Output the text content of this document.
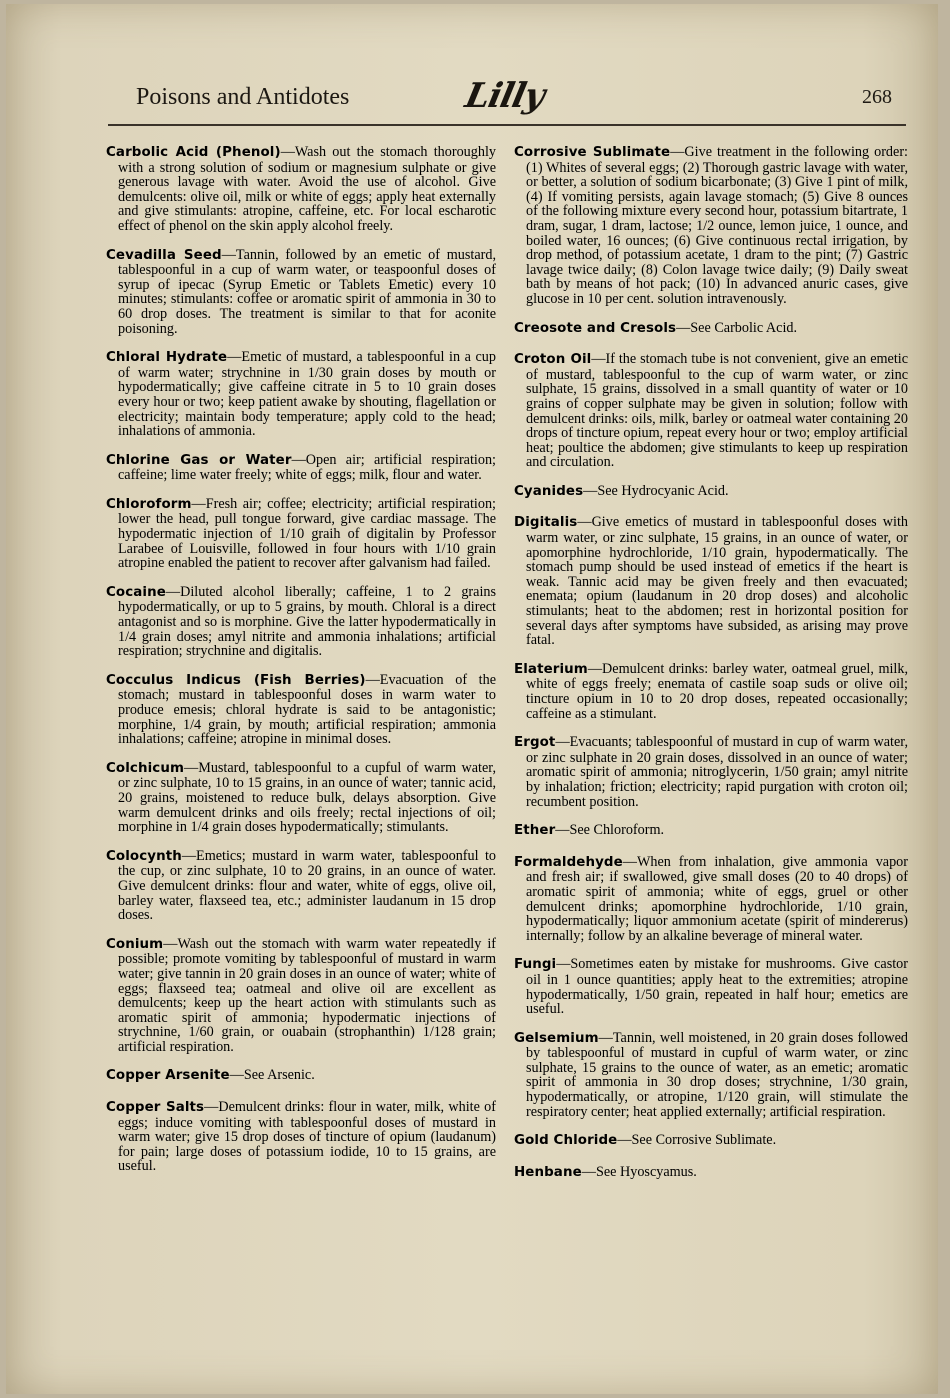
Poisons and Antidotes	Lilly	268

Carbolic Acid (Phenol)—Wash out the stomach thoroughly with a strong solution of sodium or magnesium sulphate or give generous lavage with water. Avoid the use of alcohol. Give demulcents: olive oil, milk or white of eggs; apply heat externally and give stimulants: atropine, caffeine, etc. For local escharotic effect of phenol on the skin apply alcohol freely.

Cevadilla Seed—Tannin, followed by an emetic of mustard, tablespoonful in a cup of warm water, or teaspoonful doses of syrup of ipecac (Syrup Emetic or Tablets Emetic) every 10 minutes; stimulants: coffee or aromatic spirit of ammonia in 30 to 60 drop doses. The treatment is similar to that for aconite poisoning.

Chloral Hydrate—Emetic of mustard, a tablespoonful in a cup of warm water; strychnine in 1/30 grain doses by mouth or hypodermatically; give caffeine citrate in 5 to 10 grain doses every hour or two; keep patient awake by shouting, flagellation or electricity; maintain body temperature; apply cold to the head; inhalations of ammonia.

Chlorine Gas or Water—Open air; artificial respiration; caffeine; lime water freely; white of eggs; milk, flour and water.

Chloroform—Fresh air; coffee; electricity; artificial respiration; lower the head, pull tongue forward, give cardiac massage. The hypodermatic injection of 1/10 graih of digitalin by Professor Larabee of Louisville, followed in four hours with 1/10 grain atropine enabled the patient to recover after galvanism had failed.

Cocaine—Diluted alcohol liberally; caffeine, 1 to 2 grains hypodermatically, or up to 5 grains, by mouth. Chloral is a direct antagonist and so is morphine. Give the latter hypodermatically in 1/4 grain doses; amyl nitrite and ammonia inhalations; artificial respiration; strychnine and digitalis.

Cocculus Indicus (Fish Berries)—Evacuation of the stomach; mustard in tablespoonful doses in warm water to produce emesis; chloral hydrate is said to be antagonistic; morphine, 1/4 grain, by mouth; artificial respiration; ammonia inhalations; caffeine; atropine in minimal doses.

Colchicum—Mustard, tablespoonful to a cupful of warm water, or zinc sulphate, 10 to 15 grains, in an ounce of water; tannic acid, 20 grains, moistened to reduce bulk, delays absorption. Give warm demulcent drinks and oils freely; rectal injections of oil; morphine in 1/4 grain doses hypodermatically; stimulants.

Colocynth—Emetics; mustard in warm water, tablespoonful to the cup, or zinc sulphate, 10 to 20 grains, in an ounce of water. Give demulcent drinks: flour and water, white of eggs, olive oil, barley water, flaxseed tea, etc.; administer laudanum in 15 drop doses.

Conium—Wash out the stomach with warm water repeatedly if possible; promote vomiting by tablespoonful of mustard in warm water; give tannin in 20 grain doses in an ounce of water; white of eggs; flaxseed tea; oatmeal and olive oil are excellent as demulcents; keep up the heart action with stimulants such as aromatic spirit of ammonia; hypodermatic injections of strychnine, 1/60 grain, or ouabain (strophanthin) 1/128 grain; artificial respiration.

Copper Arsenite—See Arsenic.

Copper Salts—Demulcent drinks: flour in water, milk, white of eggs; induce vomiting with tablespoonful doses of mustard in warm water; give 15 drop doses of tincture of opium (laudanum) for pain; large doses of potassium iodide, 10 to 15 grains, are useful.

Corrosive Sublimate—Give treatment in the following order: (1) Whites of several eggs; (2) Thorough gastric lavage with water, or better, a solution of sodium bicarbonate; (3) Give 1 pint of milk, (4) If vomiting persists, again lavage stomach; (5) Give 8 ounces of the following mixture every second hour, potassium bitartrate, 1 dram, sugar, 1 dram, lactose; 1/2 ounce, lemon juice, 1 ounce, and boiled water, 16 ounces; (6) Give continuous rectal irrigation, by drop method, of potassium acetate, 1 dram to the pint; (7) Gastric lavage twice daily; (8) Colon lavage twice daily; (9) Daily sweat bath by means of hot pack; (10) In advanced anuric cases, give glucose in 10 per cent. solution intravenously.

Creosote and Cresols—See Carbolic Acid.

Croton Oil—If the stomach tube is not convenient, give an emetic of mustard, tablespoonful to the cup of warm water, or zinc sulphate, 15 grains, dissolved in a small quantity of water or 10 grains of copper sulphate may be given in solution; follow with demulcent drinks: oils, milk, barley or oatmeal water containing 20 drops of tincture opium, repeat every hour or two; employ artificial heat; poultice the abdomen; give stimulants to keep up respiration and circulation.

Cyanides—See Hydrocyanic Acid.

Digitalis—Give emetics of mustard in tablespoonful doses with warm water, or zinc sulphate, 15 grains, in an ounce of water, or apomorphine hydrochloride, 1/10 grain, hypodermatically. The stomach pump should be used instead of emetics if the heart is weak. Tannic acid may be given freely and then evacuated; enemata; opium (laudanum in 20 drop doses) and alcoholic stimulants; heat to the abdomen; rest in horizontal position for several days after symptoms have subsided, as arising may prove fatal.

Elaterium—Demulcent drinks: barley water, oatmeal gruel, milk, white of eggs freely; enemata of castile soap suds or olive oil; tincture opium in 10 to 20 drop doses, repeated occasionally; caffeine as a stimulant.

Ergot—Evacuants; tablespoonful of mustard in cup of warm water, or zinc sulphate in 20 grain doses, dissolved in an ounce of water; aromatic spirit of ammonia; nitroglycerin, 1/50 grain; amyl nitrite by inhalation; friction; electricity; rapid purgation with croton oil; recumbent position.

Ether—See Chloroform.

Formaldehyde—When from inhalation, give ammonia vapor and fresh air; if swallowed, give small doses (20 to 40 drops) of aromatic spirit of ammonia; white of eggs, gruel or other demulcent drinks; apomorphine hydrochloride, 1/10 grain, hypodermatically; liquor ammonium acetate (spirit of mindererus) internally; follow by an alkaline beverage of mineral water.

Fungi—Sometimes eaten by mistake for mushrooms. Give castor oil in 1 ounce quantities; apply heat to the extremities; atropine hypodermatically, 1/50 grain, repeated in half hour; emetics are useful.

Gelsemium—Tannin, well moistened, in 20 grain doses followed by tablespoonful of mustard in cupful of warm water, or zinc sulphate, 15 grains to the ounce of water, as an emetic; aromatic spirit of ammonia in 30 drop doses; strychnine, 1/30 grain, hypodermatically, or atropine, 1/120 grain, will stimulate the respiratory center; heat applied externally; artificial respiration.

Gold Chloride—See Corrosive Sublimate.

Henbane—See Hyoscyamus.
